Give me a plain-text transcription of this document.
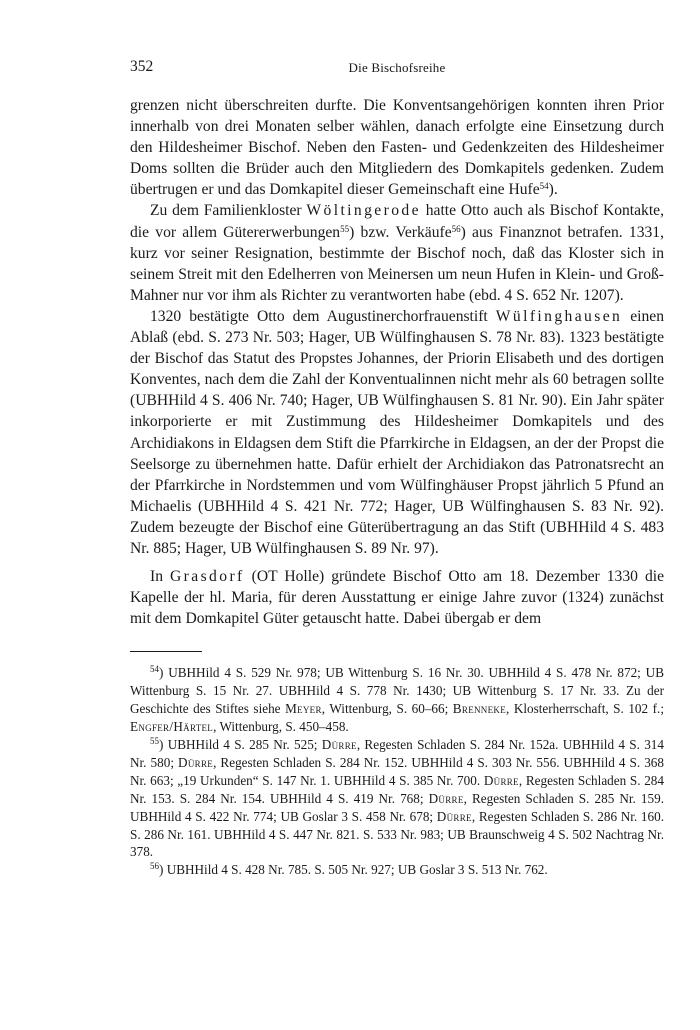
352	Die Bischofsreihe

grenzen nicht überschreiten durfte. Die Konventsangehörigen konnten ihren Prior innerhalb von drei Monaten selber wählen, danach erfolgte eine Einsetzung durch den Hildesheimer Bischof. Neben den Fasten- und Gedenkzeiten des Hildesheimer Doms sollten die Brüder auch den Mitgliedern des Domkapitels gedenken. Zudem übertrugen er und das Domkapitel dieser Gemeinschaft eine Hufe$^{54}$).

Zu dem Familienkloster Wöltingerode hatte Otto auch als Bischof Kontakte, die vor allem Gütererwerbungen$^{55}$) bzw. Verkäufe$^{56}$) aus Finanznot betrafen. 1331, kurz vor seiner Resignation, bestimmte der Bischof noch, daß das Kloster sich in seinem Streit mit den Edelherren von Meinersen um neun Hufen in Klein- und Groß-Mahner nur vor ihm als Richter zu verantworten habe (ebd. 4 S. 652 Nr. 1207).

1320 bestätigte Otto dem Augustinerchorfrauenstift Wülfinghausen einen Ablaß (ebd. S. 273 Nr. 503; Hager, UB Wülfinghausen S. 78 Nr. 83). 1323 bestätigte der Bischof das Statut des Propstes Johannes, der Priorin Elisabeth und des dortigen Konventes, nach dem die Zahl der Konventualinnen nicht mehr als 60 betragen sollte (UBHHild 4 S. 406 Nr. 740; Hager, UB Wülfinghausen S. 81 Nr. 90). Ein Jahr später inkorporierte er mit Zustimmung des Hildesheimer Domkapitels und des Archidiakons in Eldagsen dem Stift die Pfarrkirche in Eldagsen, an der der Propst die Seelsorge zu übernehmen hatte. Dafür erhielt der Archidiakon das Patronatsrecht an der Pfarrkirche in Nordstemmen und vom Wülfinghäuser Propst jährlich 5 Pfund an Michaelis (UBHHild 4 S. 421 Nr. 772; Hager, UB Wülfinghausen S. 83 Nr. 92). Zudem bezeugte der Bischof eine Güterübertragung an das Stift (UBHHild 4 S. 483 Nr. 885; Hager, UB Wülfinghausen S. 89 Nr. 97).

In Grasdorf (OT Holle) gründete Bischof Otto am 18. Dezember 1330 die Kapelle der hl. Maria, für deren Ausstattung er einige Jahre zuvor (1324) zunächst mit dem Domkapitel Güter getauscht hatte. Dabei übergab er dem

$^{54}$) UBHHild 4 S. 529 Nr. 978; UB Wittenburg S. 16 Nr. 30. UBHHild 4 S. 478 Nr. 872; UB Wittenburg S. 15 Nr. 27. UBHHild 4 S. 778 Nr. 1430; UB Wittenburg S. 17 Nr. 33. Zu der Geschichte des Stiftes siehe Meyer, Wittenburg, S. 60–66; Brenneke, Klosterherrschaft, S. 102 f.; Engfer/Härtel, Wittenburg, S. 450–458.

$^{55}$) UBHHild 4 S. 285 Nr. 525; Dürre, Regesten Schladen S. 284 Nr. 152a. UBHHild 4 S. 314 Nr. 580; Dürre, Regesten Schladen S. 284 Nr. 152. UBHHild 4 S. 303 Nr. 556. UBHHild 4 S. 368 Nr. 663; „19 Urkunden“ S. 147 Nr. 1. UBHHild 4 S. 385 Nr. 700. Dürre, Regesten Schladen S. 284 Nr. 153. S. 284 Nr. 154. UBHHild 4 S. 419 Nr. 768; Dürre, Regesten Schladen S. 285 Nr. 159. UBHHild 4 S. 422 Nr. 774; UB Goslar 3 S. 458 Nr. 678; Dürre, Regesten Schladen S. 286 Nr. 160. S. 286 Nr. 161. UBHHild 4 S. 447 Nr. 821. S. 533 Nr. 983; UB Braunschweig 4 S. 502 Nachtrag Nr. 378.

$^{56}$) UBHHild 4 S. 428 Nr. 785. S. 505 Nr. 927; UB Goslar 3 S. 513 Nr. 762.
